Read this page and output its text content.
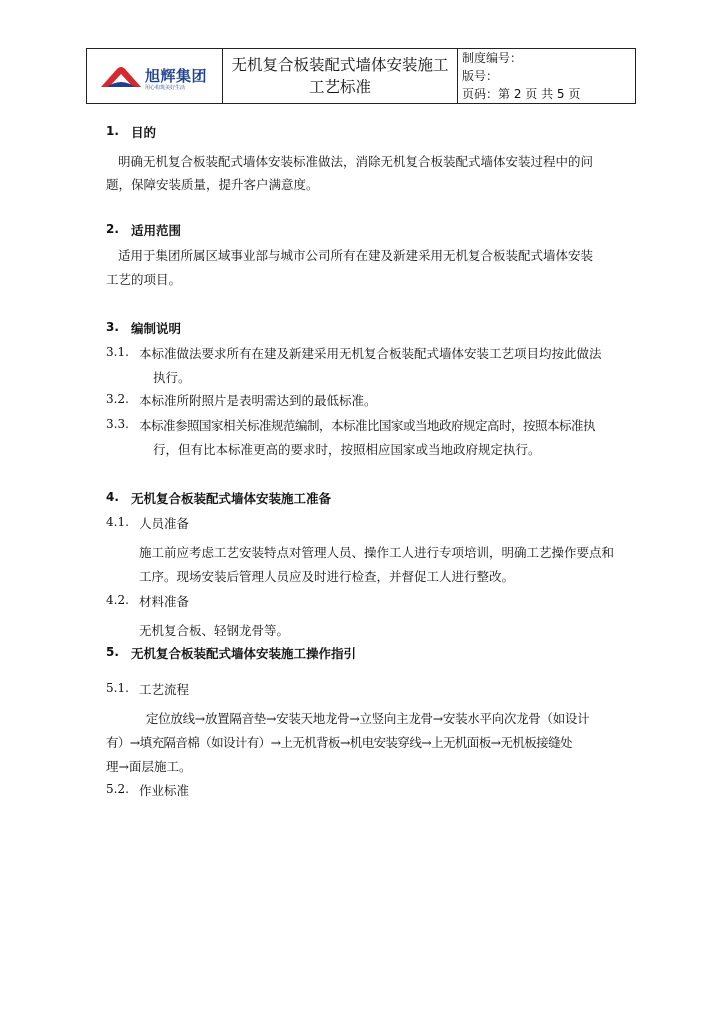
旭辉集团
用心构筑美好生活
无机复合板装配式墙体安装施工
工艺标准
制度编号：
版号：
页码：第 2 页 共 5 页
1. 目的
明确无机复合板装配式墙体安装标准做法，消除无机复合板装配式墙体安装过程中的问
题，保障安装质量，提升客户满意度。
2. 适用范围
适用于集团所属区域事业部与城市公司所有在建及新建采用无机复合板装配式墙体安装
工艺的项目。
3. 编制说明
3.1. 本标准做法要求所有在建及新建采用无机复合板装配式墙体安装工艺项目均按此做法
执行。
3.2. 本标准所附照片是表明需达到的最低标准。
3.3. 本标准参照国家相关标准规范编制，本标准比国家或当地政府规定高时，按照本标准执
行，但有比本标准更高的要求时，按照相应国家或当地政府规定执行。
4. 无机复合板装配式墙体安装施工准备
4.1. 人员准备
施工前应考虑工艺安装特点对管理人员、操作工人进行专项培训，明确工艺操作要点和
工序。现场安装后管理人员应及时进行检查，并督促工人进行整改。
4.2. 材料准备
无机复合板、轻钢龙骨等。
5. 无机复合板装配式墙体安装施工操作指引
5.1. 工艺流程
定位放线→放置隔音垫→安装天地龙骨→立竖向主龙骨→安装水平向次龙骨（如设计
有）→填充隔音棉（如设计有）→上无机背板→机电安装穿线→上无机面板→无机板接缝处
理→面层施工。
5.2. 作业标准
